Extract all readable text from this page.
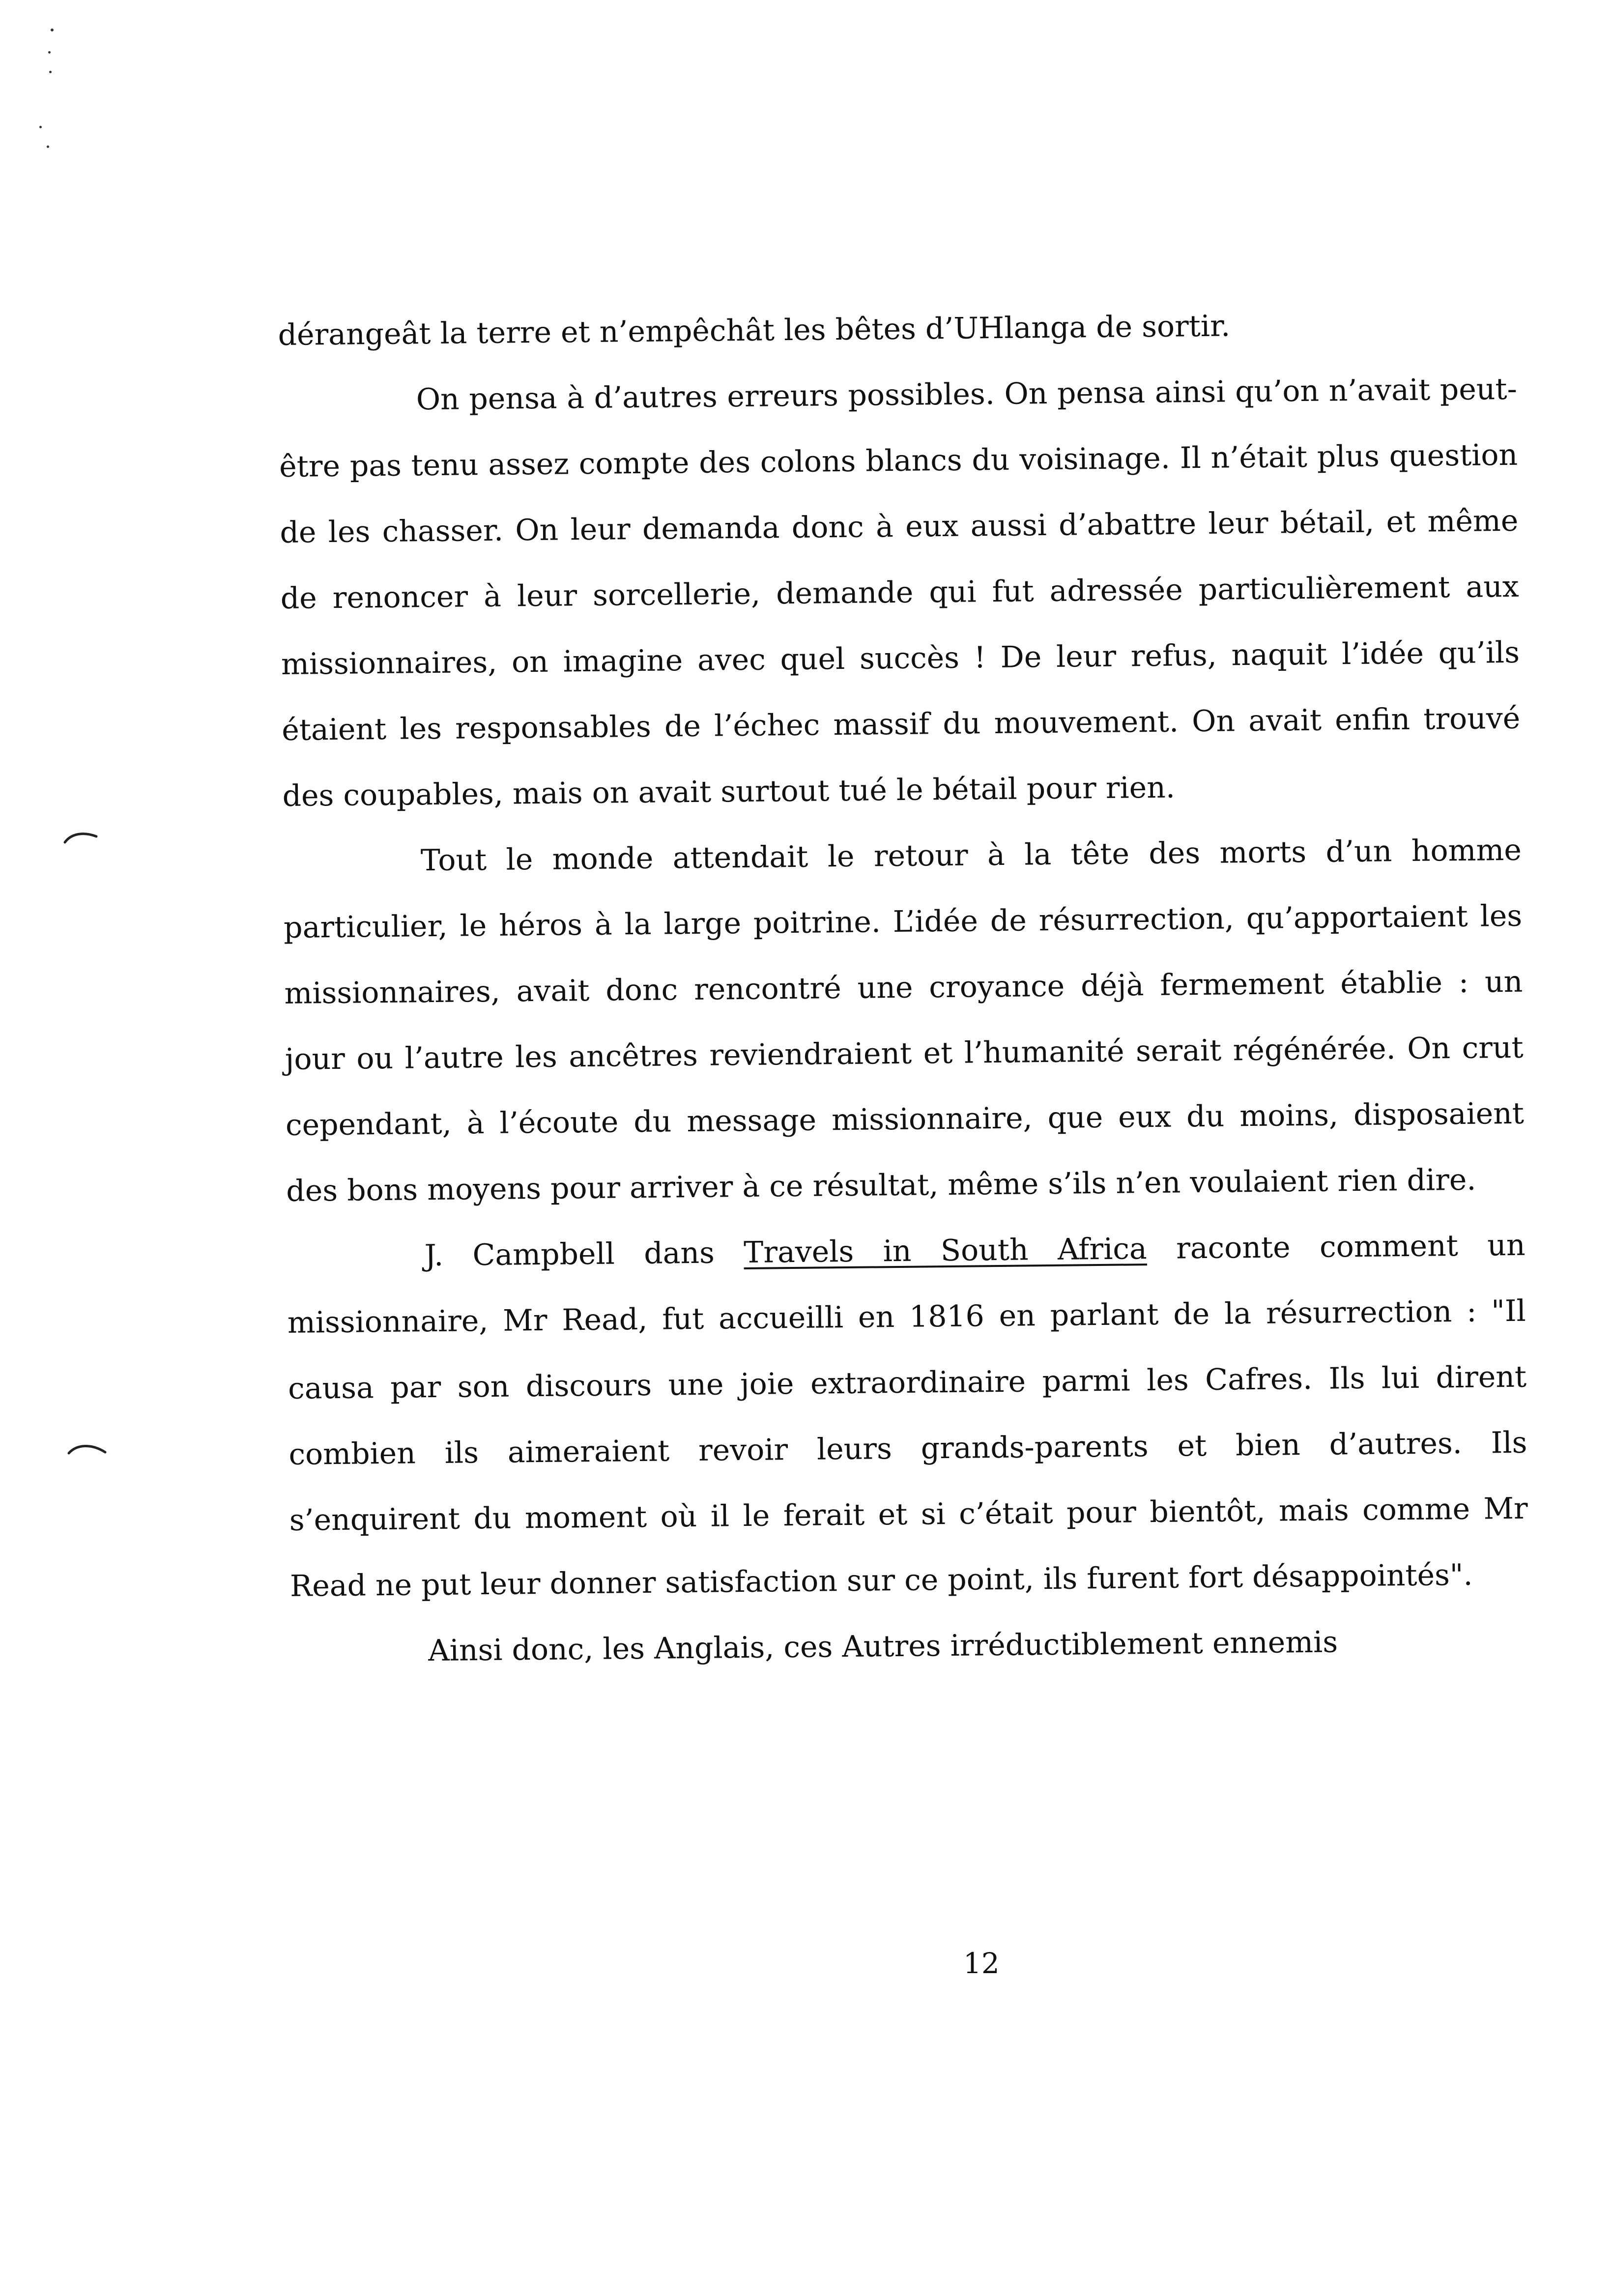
dérangeât la terre et n’empêchât les bêtes d’UHlanga de sortir.

On pensa à d’autres erreurs possibles. On pensa ainsi qu’on n’avait peut-être pas tenu assez compte des colons blancs du voisinage. Il n’était plus question de les chasser. On leur demanda donc à eux aussi d’abattre leur bétail, et même de renoncer à leur sorcellerie, demande qui fut adressée particulièrement aux missionnaires, on imagine avec quel succès ! De leur refus, naquit l’idée qu’ils étaient les responsables de l’échec massif du mouvement. On avait enfin trouvé des coupables, mais on avait surtout tué le bétail pour rien.

Tout le monde attendait le retour à la tête des morts d’un homme particulier, le héros à la large poitrine. L’idée de résurrection, qu’apportaient les missionnaires, avait donc rencontré une croyance déjà fermement établie : un jour ou l’autre les ancêtres reviendraient et l’humanité serait régénérée. On crut cependant, à l’écoute du message missionnaire, que eux du moins, disposaient des bons moyens pour arriver à ce résultat, même s’ils n’en voulaient rien dire.

J. Campbell dans Travels in South Africa raconte comment un missionnaire, Mr Read, fut accueilli en 1816 en parlant de la résurrection : "Il causa par son discours une joie extraordinaire parmi les Cafres. Ils lui dirent combien ils aimeraient revoir leurs grands-parents et bien d’autres. Ils s’enquirent du moment où il le ferait et si c’était pour bientôt, mais comme Mr Read ne put leur donner satisfaction sur ce point, ils furent fort désappointés".

Ainsi donc, les Anglais, ces Autres irréductiblement ennemis

12
